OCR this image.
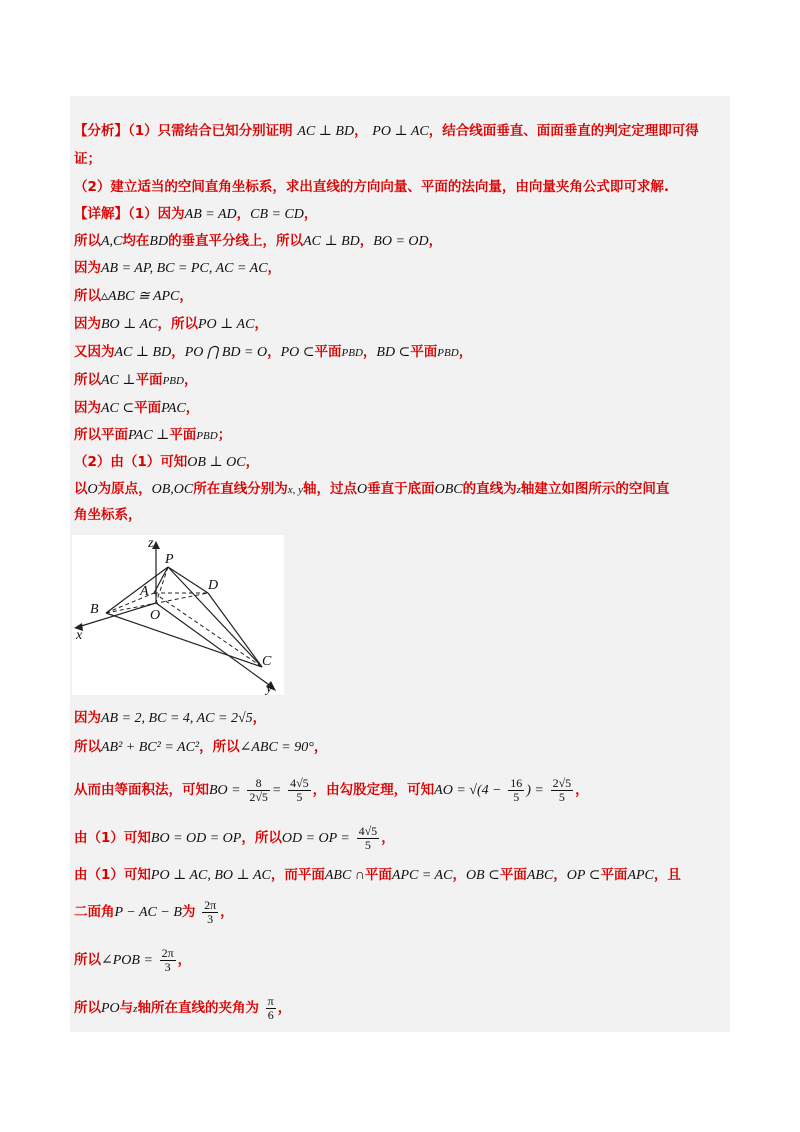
【分析】（1）只需结合已知分别证明 AC ⊥ BD， PO ⊥ AC，结合线面垂直、面面垂直的判定定理即可得
证；
（2）建立适当的空间直角坐标系，求出直线的方向向量、平面的法向量，由向量夹角公式即可求解.
【详解】（1）因为AB = AD，CB = CD，
所以A,C均在BD的垂直平分线上，所以AC ⊥ BD，BO = OD，
因为AB = AP, BC = PC, AC = AC，
所以▵ABC ≅ APC，
因为BO ⊥ AC，所以PO ⊥ AC，
又因为AC ⊥ BD，PO ⋂ BD = O，PO ⊂平面PBD，BD ⊂平面PBD，
所以AC ⊥平面PBD，
因为AC ⊂平面PAC，
所以平面PAC ⊥平面PBD；
（2）由（1）可知OB ⊥ OC，
以O为原点，OB,OC所在直线分别为x, y轴，过点O垂直于底面OBC的直线为z轴建立如图所示的空间直
角坐标系，
z
P
D
A
B	O
x
C
y
因为AB = 2, BC = 4, AC = 2√5，
所以AB² + BC² = AC²，所以∠ABC = 90°，
从而由等面积法，可知BO = $\frac{8}{2√5} = \frac{4√5}{5}$ ，由勾股定理，可知AO = $√(4 - \frac{16}{5}$ ) = $\frac{2√5}{5}$ ，
由（1）可知BO = OD = OP，所以OD = OP = $\frac{4√5}{5}$ ，
由（1）可知PO ⊥ AC, BO ⊥ AC，而平面ABC ∩平面APC = AC，OB ⊂平面ABC，OP ⊂平面APC，且
二面角P − AC − B为 $\frac{2\pi}{3}$ ，
所以∠POB = $\frac{2\pi}{3}$ ，
所以PO与z轴所在直线的夹角为 $\frac{\pi}{6}$ ，
